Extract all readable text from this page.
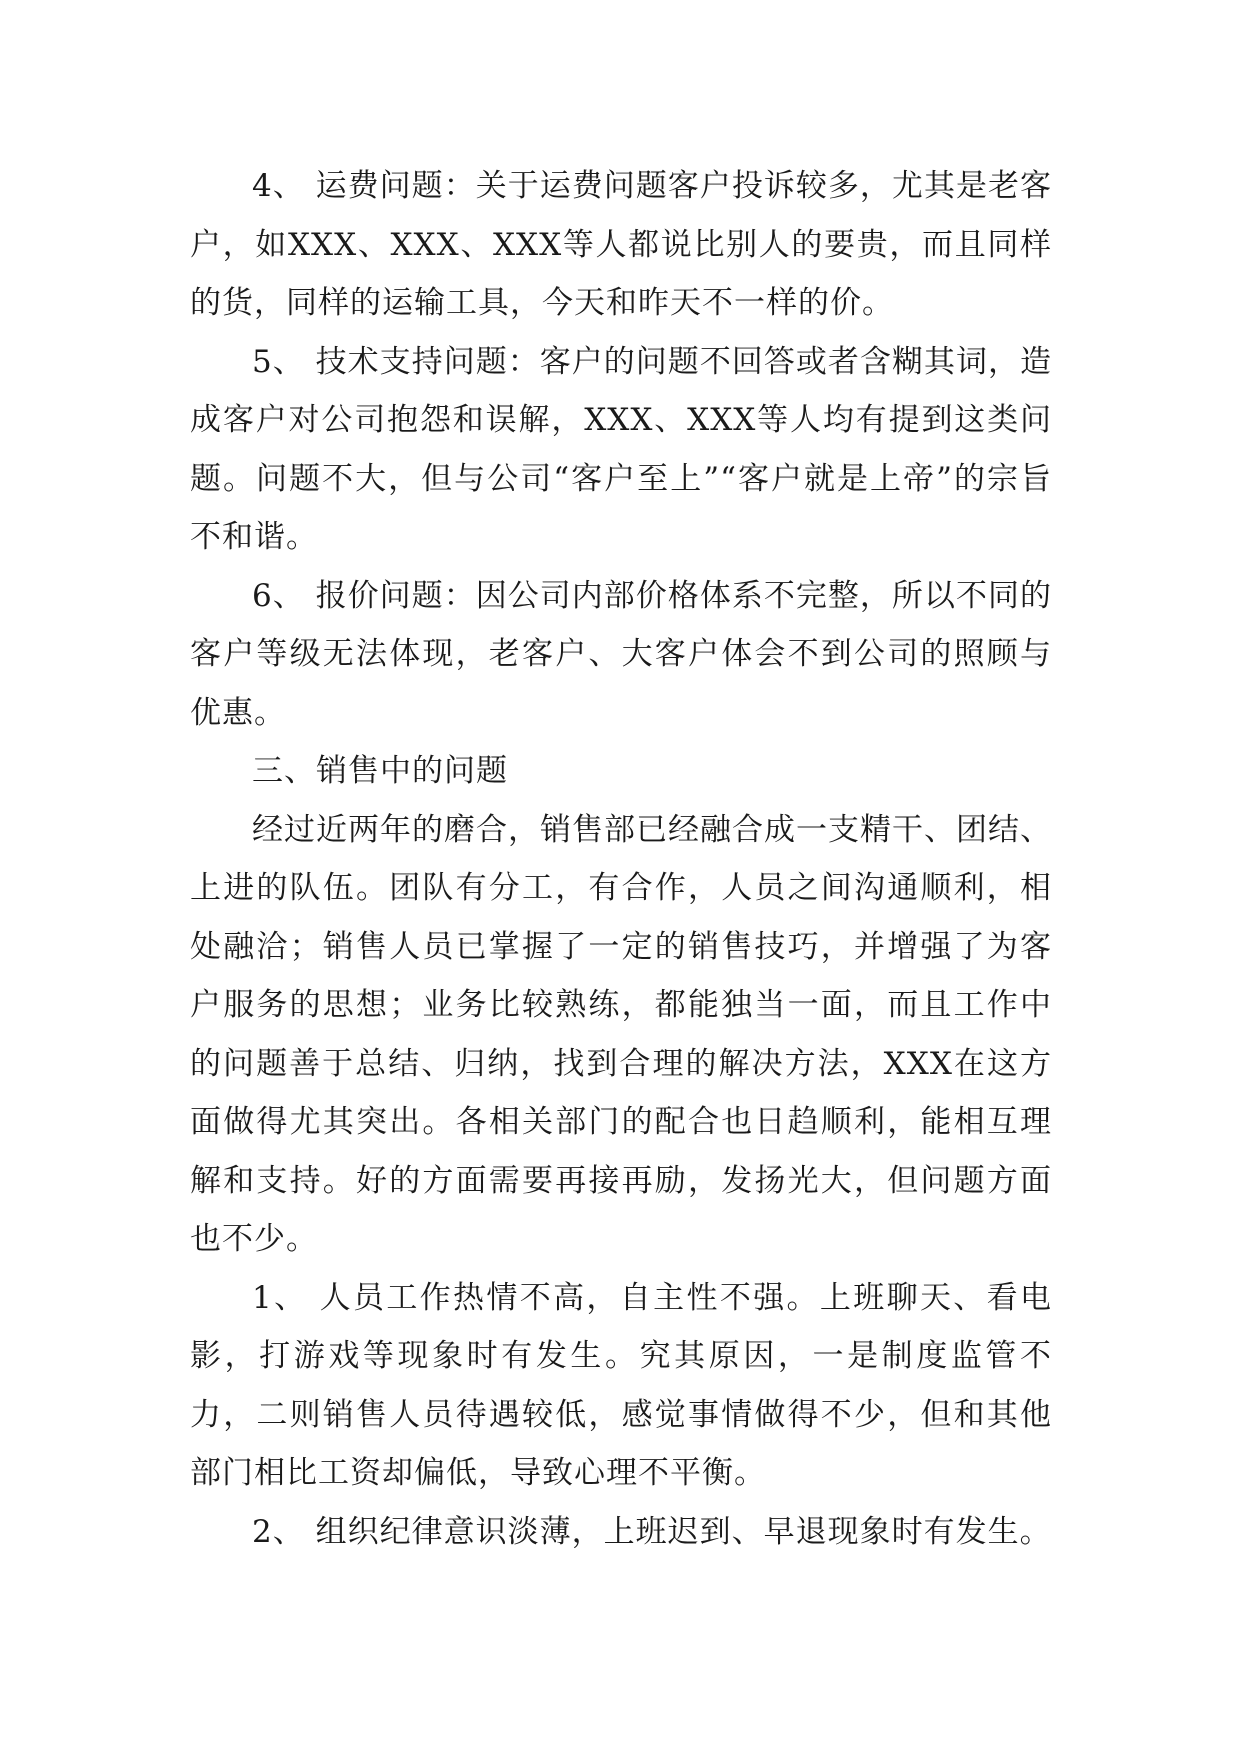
4、 运费问题：关于运费问题客户投诉较多，尤其是老客户，如XXX、XXX、XXX等人都说比别人的要贵，而且同样的货，同样的运输工具，今天和昨天不一样的价。

5、 技术支持问题：客户的问题不回答或者含糊其词，造成客户对公司抱怨和误解，XXX、XXX等人均有提到这类问题。问题不大，但与公司“客户至上”“客户就是上帝”的宗旨不和谐。

6、 报价问题：因公司内部价格体系不完整，所以不同的客户等级无法体现，老客户、大客户体会不到公司的照顾与优惠。

三、销售中的问题

经过近两年的磨合，销售部已经融合成一支精干、团结、上进的队伍。团队有分工，有合作，人员之间沟通顺利，相处融洽；销售人员已掌握了一定的销售技巧，并增强了为客户服务的思想；业务比较熟练，都能独当一面，而且工作中的问题善于总结、归纳，找到合理的解决方法，XXX在这方面做得尤其突出。各相关部门的配合也日趋顺利，能相互理解和支持。好的方面需要再接再励，发扬光大，但问题方面也不少。

1、 人员工作热情不高，自主性不强。上班聊天、看电影，打游戏等现象时有发生。究其原因，一是制度监管不力，二则销售人员待遇较低，感觉事情做得不少，但和其他部门相比工资却偏低，导致心理不平衡。

2、 组织纪律意识淡薄，上班迟到、早退现象时有发生。
